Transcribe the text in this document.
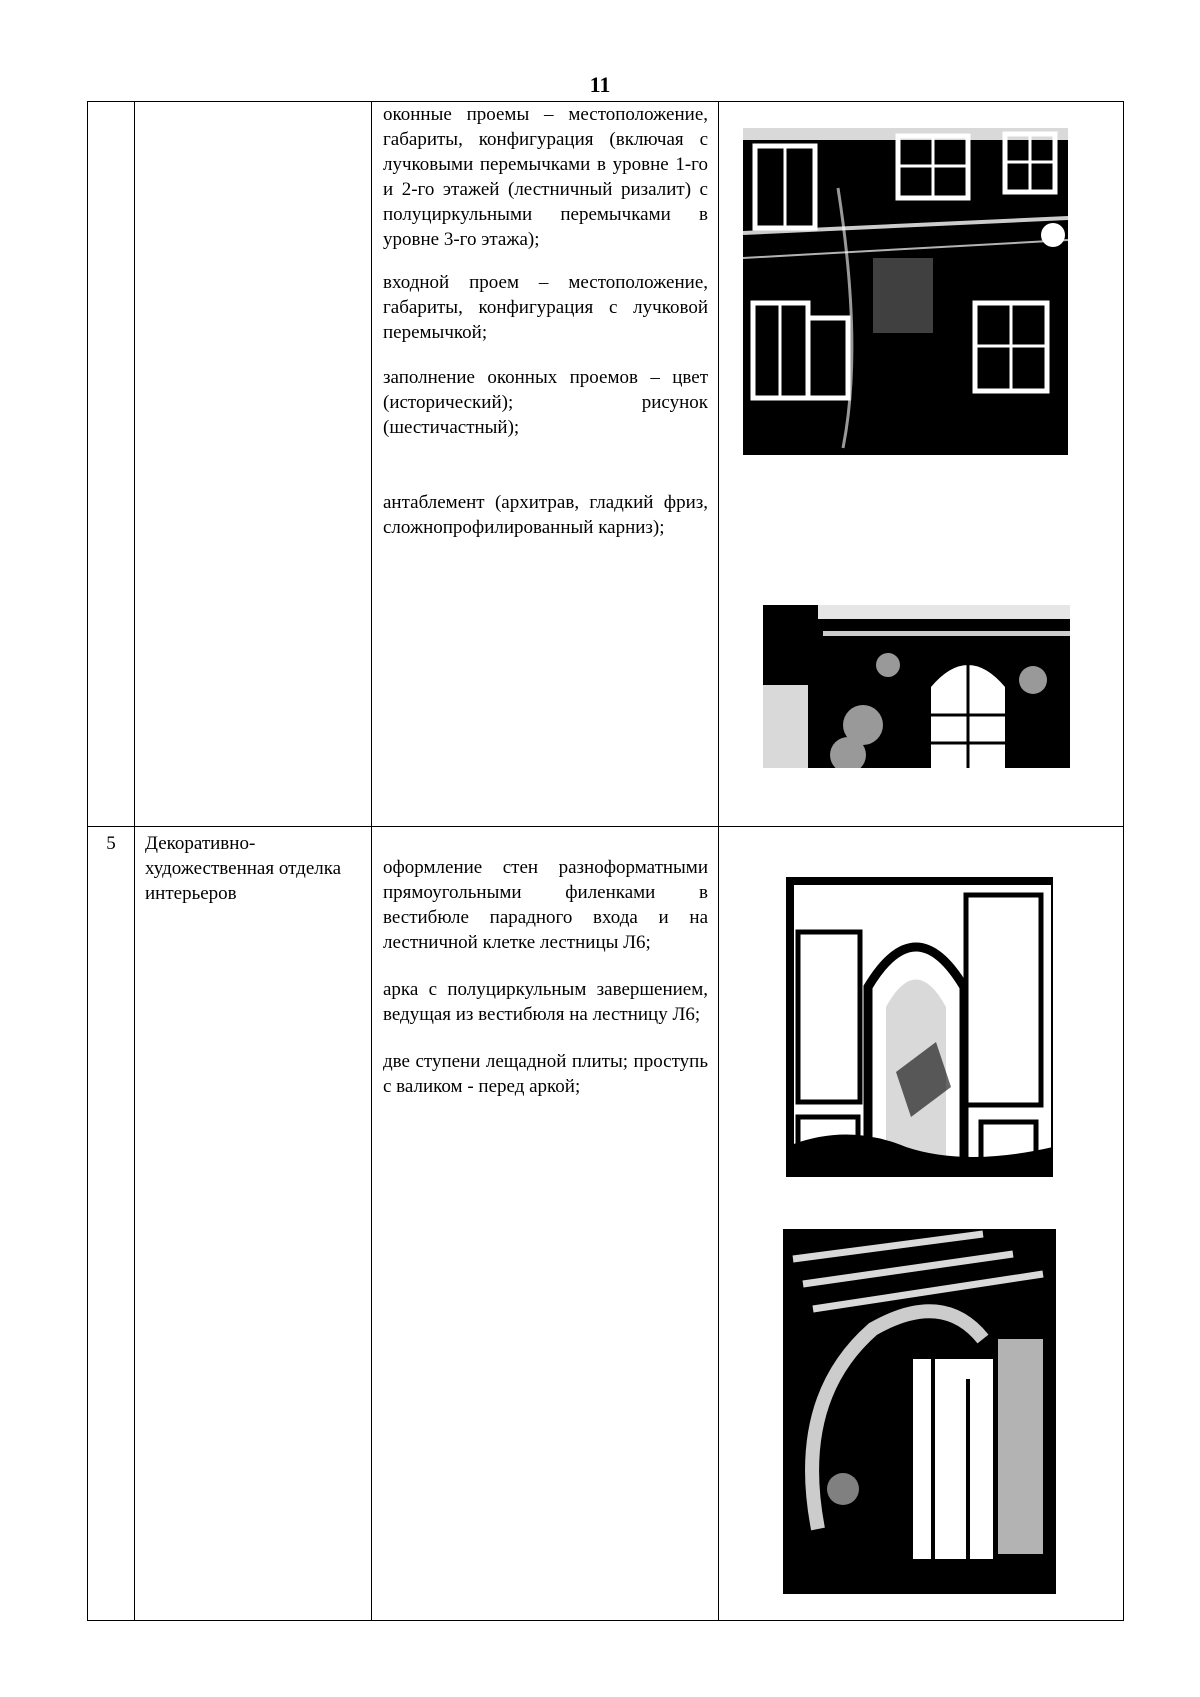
11

		оконные проемы – местоположение, габариты, конфигурация (включая с лучковыми перемычками в уровне 1-го и 2-го этажей (лестничный ризалит) с полуциркульными перемычками в уровне 3-го этажа);

входной проем – местоположение, габариты, конфигурация с лучковой перемычкой;

заполнение оконных проемов – цвет (исторический); рисунок (шестичастный);

антаблемент (архитрав, гладкий фриз, сложнопрофилированный карниз);

5	Декоративно-художественная отделка интерьеров	оформление стен разноформатными прямоугольными филенками в вестибюле парадного входа и на лестничной клетке лестницы Л6;

арка с полуциркульным завершением, ведущая из вестибюля на лестницу Л6;

две ступени лещадной плиты; проступь с валиком - перед аркой;
